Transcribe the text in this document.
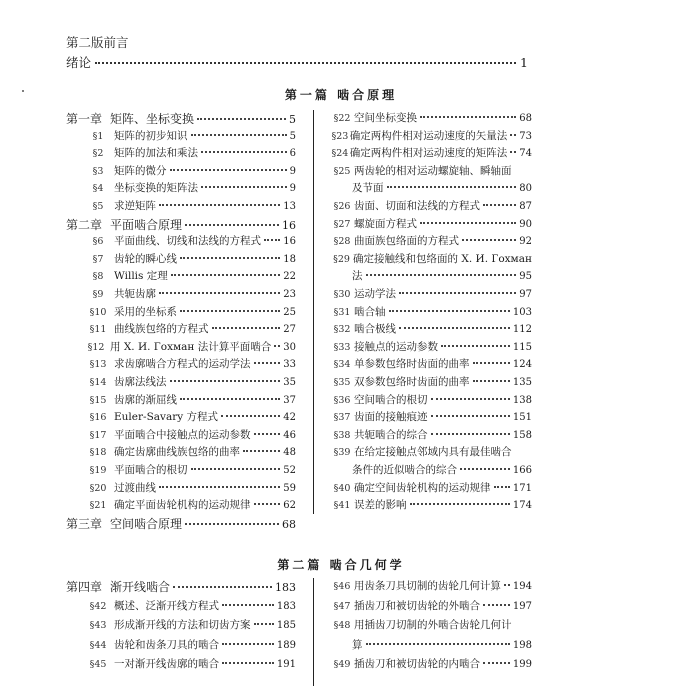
第二版前言
绪论	1
第一篇 啮合原理
第一章 矩阵、坐标变换	5
§1	矩阵的初步知识	5
§2	矩阵的加法和乘法	6
§3	矩阵的微分	9
§4	坐标变换的矩阵法	9
§5	求逆矩阵	13
第二章 平面啮合原理	16
§6	平面曲线、切线和法线的方程式 16
§7	齿轮的瞬心线	18
§8	Willis 定理	22
§9	共轭齿廓	23
§10 采用的坐标系	25
§11 曲线族包络的方程式	27
§12 用 Х. И. Гохман 法计算平面啮合 30
§13 求齿廓啮合方程式的运动学法	33
§14 齿廓法线法	35
§15 齿廓的渐屈线	37
§16 Euler-Savary 方程式	42
§17 平面啮合中接触点的运动参数	46
§18 确定齿廓曲线族包络的曲率	48
§19 平面啮合的根切	52
§20 过渡曲线	59
§21 确定平面齿轮机构的运动规律	62
第三章 空间啮合原理	68
§22 空间坐标变换	68
§23 确定两构件相对运动速度的矢量法 73
§24 确定两构件相对运动速度的矩阵法 74
§25 两齿轮的相对运动螺旋轴、瞬轴面
及节面	80
§26 齿面、切面和法线的方程式	87
§27 螺旋面方程式	90
§28 曲面族包络面的方程式	92
§29 确定接触线和包络面的 Х. И. Гохман
法	95
§30 运动学法	97
§31 啮合轴	103
§32 啮合极线	112
§33 接触点的运动参数	115
§34 单参数包络时齿面的曲率	124
§35 双参数包络时齿面的曲率	135
§36 空间啮合的根切	138
§37 齿面的接触痕迹	151
§38 共轭啮合的综合	158
§39 在给定接触点邻域内具有最佳啮合
条件的近似啮合的综合	166
§40 确定空间齿轮机构的运动规律 171
§41 误差的影响	174
第二篇 啮合几何学
第四章 渐开线啮合	183
§42 概述、泛渐开线方程式	183
§43 形成渐开线的方法和切齿方案	185
§44 齿轮和齿条刀具的啮合	189
§45 一对渐开线齿廓的啮合	191
§46 用齿条刀具切制的齿轮几何计算 194
§47 插齿刀和被切齿轮的外啮合	197
§48 用插齿刀切制的外啮合齿轮几何计
算	198
§49 插齿刀和被切齿轮的内啮合	199
